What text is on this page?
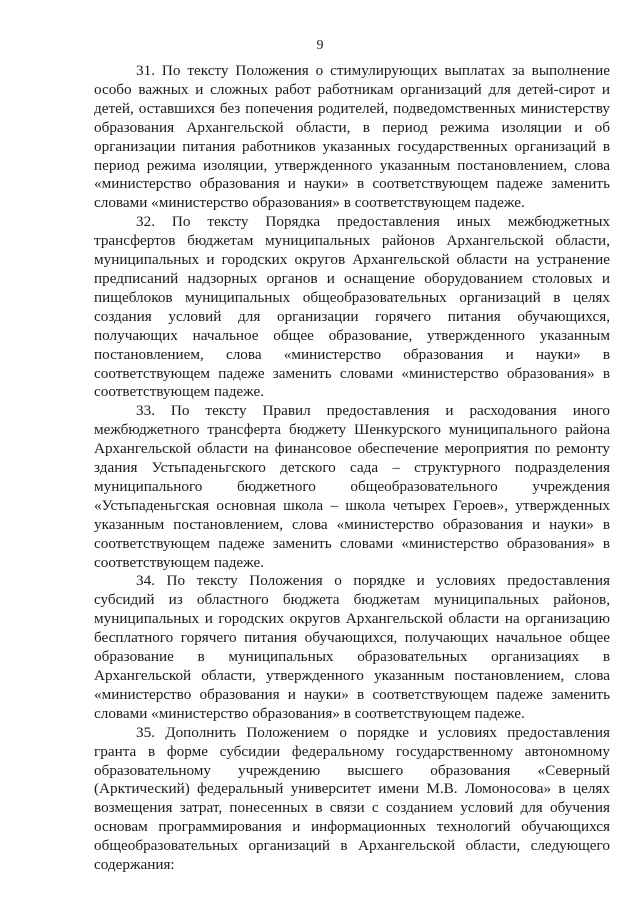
9

31. По тексту Положения о стимулирующих выплатах за выполнение особо важных и сложных работ работникам организаций для детей-сирот и детей, оставшихся без попечения родителей, подведомственных министерству образования Архангельской области, в период режима изоляции и об организации питания работников указанных государственных организаций в период режима изоляции, утвержденного указанным постановлением, слова «министерство образования и науки» в соответствующем падеже заменить словами «министерство образования» в соответствующем падеже.

32. По тексту Порядка предоставления иных межбюджетных трансфертов бюджетам муниципальных районов Архангельской области, муниципальных и городских округов Архангельской области на устранение предписаний надзорных органов и оснащение оборудованием столовых и пищеблоков муниципальных общеобразовательных организаций в целях создания условий для организации горячего питания обучающихся, получающих начальное общее образование, утвержденного указанным постановлением, слова «министерство образования и науки» в соответствующем падеже заменить словами «министерство образования» в соответствующем падеже.

33. По тексту Правил предоставления и расходования иного межбюджетного трансферта бюджету Шенкурского муниципального района Архангельской области на финансовое обеспечение мероприятия по ремонту здания Устьпаденьгского детского сада – структурного подразделения муниципального бюджетного общеобразовательного учреждения «Устьпаденьгская основная школа – школа четырех Героев», утвержденных указанным постановлением, слова «министерство образования и науки» в соответствующем падеже заменить словами «министерство образования» в соответствующем падеже.

34. По тексту Положения о порядке и условиях предоставления субсидий из областного бюджета бюджетам муниципальных районов, муниципальных и городских округов Архангельской области на организацию бесплатного горячего питания обучающихся, получающих начальное общее образование в муниципальных образовательных организациях в Архангельской области, утвержденного указанным постановлением, слова «министерство образования и науки» в соответствующем падеже заменить словами «министерство образования» в соответствующем падеже.

35. Дополнить Положением о порядке и условиях предоставления гранта в форме субсидии федеральному государственному автономному образовательному учреждению высшего образования «Северный (Арктический) федеральный университет имени М.В. Ломоносова» в целях возмещения затрат, понесенных в связи с созданием условий для обучения основам программирования и информационных технологий обучающихся общеобразовательных организаций в Архангельской области, следующего содержания:
